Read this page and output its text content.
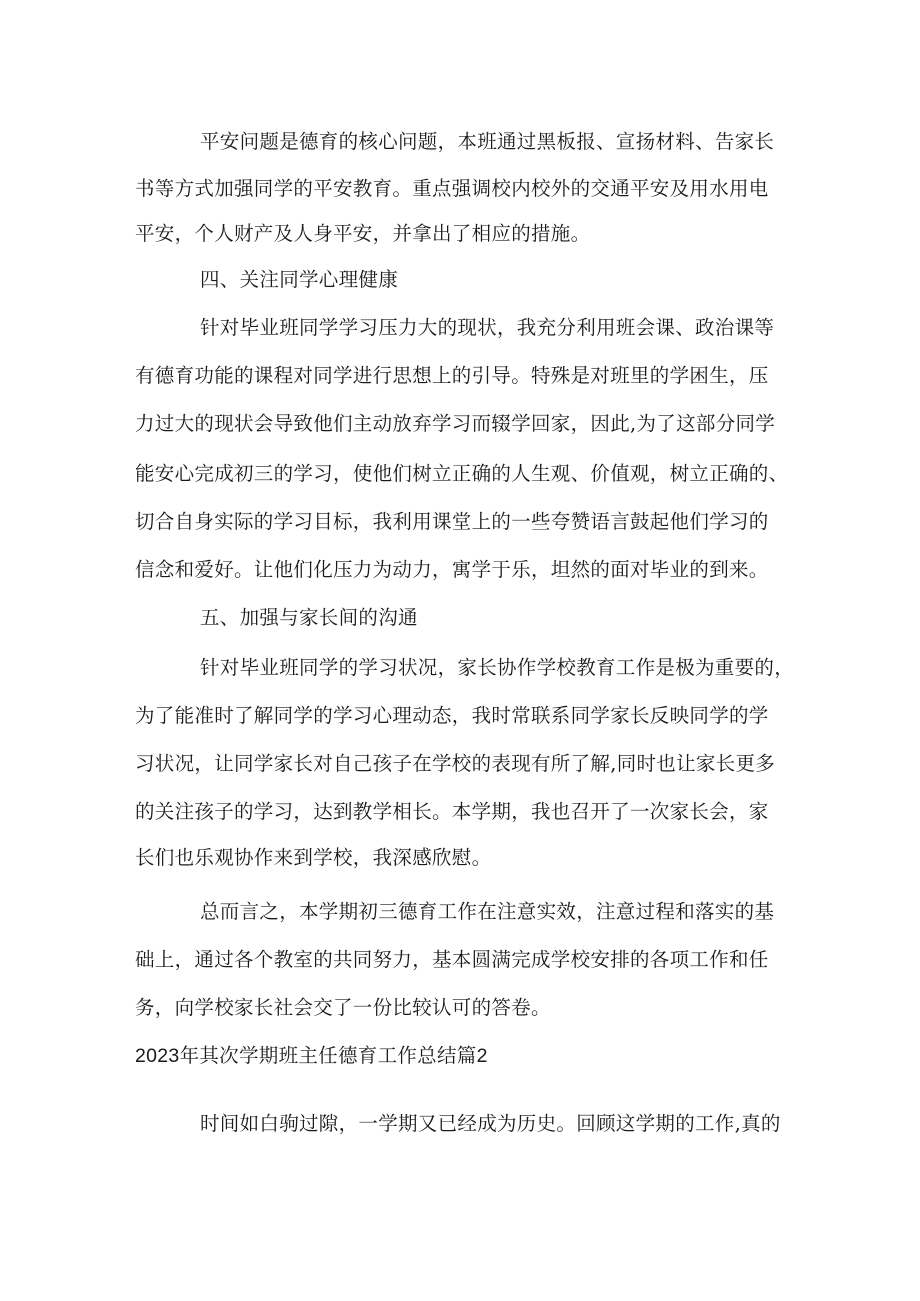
平安问题是德育的核心问题，本班通过黑板报、宣扬材料、告家长
书等方式加强同学的平安教育。重点强调校内校外的交通平安及用水用电
平安，个人财产及人身平安，并拿出了相应的措施。
四、关注同学心理健康
针对毕业班同学学习压力大的现状，我充分利用班会课、政治课等
有德育功能的课程对同学进行思想上的引导。特殊是对班里的学困生，压
力过大的现状会导致他们主动放弃学习而辍学回家，因此,为了这部分同学
能安心完成初三的学习，使他们树立正确的人生观、价值观，树立正确的、
切合自身实际的学习目标，我利用课堂上的一些夸赞语言鼓起他们学习的
信念和爱好。让他们化压力为动力，寓学于乐，坦然的面对毕业的到来。
五、加强与家长间的沟通
针对毕业班同学的学习状况，家长协作学校教育工作是极为重要的，
为了能准时了解同学的学习心理动态，我时常联系同学家长反映同学的学
习状况，让同学家长对自己孩子在学校的表现有所了解,同时也让家长更多
的关注孩子的学习，达到教学相长。本学期，我也召开了一次家长会，家
长们也乐观协作来到学校，我深感欣慰。
总而言之，本学期初三德育工作在注意实效，注意过程和落实的基
础上，通过各个教室的共同努力，基本圆满完成学校安排的各项工作和任
务，向学校家长社会交了一份比较认可的答卷。
2023年其次学期班主任德育工作总结篇2
时间如白驹过隙，一学期又已经成为历史。回顾这学期的工作,真的
